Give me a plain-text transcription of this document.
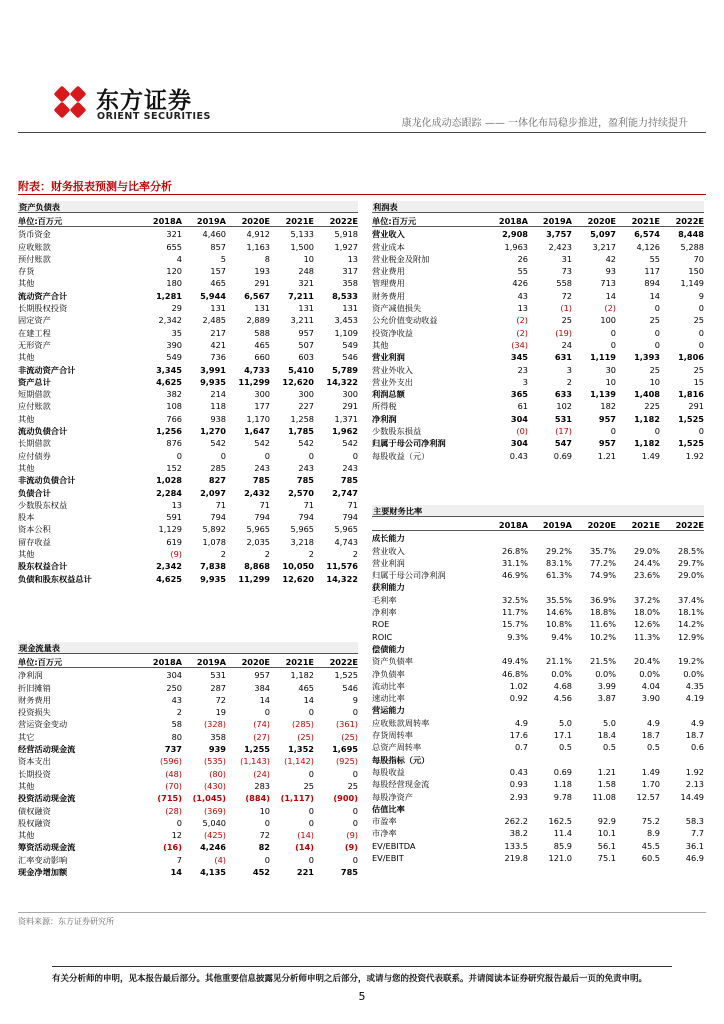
东方证券
ORIENT SECURITIES
康龙化成动态跟踪 —— 一体化布局稳步推进，盈利能力持续提升
附表：财务报表预测与比率分析
资产负债表
单位:百万元	2018A	2019A	2020E	2021E	2022E
货币资金	321	4,460	4,912	5,133	5,918
应收账款	655	857	1,163	1,500	1,927
预付账款	4	5	8	10	13
存货	120	157	193	248	317
其他	180	465	291	321	358
流动资产合计	1,281	5,944	6,567	7,211	8,533
长期股权投资	29	131	131	131	131
固定资产	2,342	2,485	2,889	3,211	3,453
在建工程	35	217	588	957	1,109
无形资产	390	421	465	507	549
其他	549	736	660	603	546
非流动资产合计	3,345	3,991	4,733	5,410	5,789
资产总计	4,625	9,935	11,299	12,620	14,322
短期借款	382	214	300	300	300
应付账款	108	118	177	227	291
其他	766	938	1,170	1,258	1,371
流动负债合计	1,256	1,270	1,647	1,785	1,962
长期借款	876	542	542	542	542
应付债券	0	0	0	0	0
其他	152	285	243	243	243
非流动负债合计	1,028	827	785	785	785
负债合计	2,284	2,097	2,432	2,570	2,747
少数股东权益	13	71	71	71	71
股本	591	794	794	794	794
资本公积	1,129	5,892	5,965	5,965	5,965
留存收益	619	1,078	2,035	3,218	4,743
其他	(9)	2	2	2	2
股东权益合计	2,342	7,838	8,868	10,050	11,576
负债和股东权益总计	4,625	9,935	11,299	12,620	14,322
现金流量表
单位:百万元	2018A	2019A	2020E	2021E	2022E
净利润	304	531	957	1,182	1,525
折旧摊销	250	287	384	465	546
财务费用	43	72	14	14	9
投资损失	2	19	0	0	0
营运资金变动	58	(328)	(74)	(285)	(361)
其它	80	358	(27)	(25)	(25)
经营活动现金流	737	939	1,255	1,352	1,695
资本支出	(596)	(535)	(1,143)	(1,142)	(925)
长期投资	(48)	(80)	(24)	0	0
其他	(70)	(430)	283	25	25
投资活动现金流	(715)	(1,045)	(884)	(1,117)	(900)
债权融资	(28)	(369)	10	0	0
股权融资	0	5,040	0	0	0
其他	12	(425)	72	(14)	(9)
筹资活动现金流	(16)	4,246	82	(14)	(9)
汇率变动影响	7	(4)	0	0	0
现金净增加额	14	4,135	452	221	785
利润表
单位:百万元	2018A	2019A	2020E	2021E	2022E
营业收入	2,908	3,757	5,097	6,574	8,448
营业成本	1,963	2,423	3,217	4,126	5,288
营业税金及附加	26	31	42	55	70
营业费用	55	73	93	117	150
管理费用	426	558	713	894	1,149
财务费用	43	72	14	14	9
资产减值损失	13	(1)	(2)	0	0
公允价值变动收益	(2)	25	100	25	25
投资净收益	(2)	(19)	0	0	0
其他	(34)	24	0	0	0
营业利润	345	631	1,119	1,393	1,806
营业外收入	23	3	30	25	25
营业外支出	3	2	10	10	15
利润总额	365	633	1,139	1,408	1,816
所得税	61	102	182	225	291
净利润	304	531	957	1,182	1,525
少数股东损益	(0)	(17)	0	0	0
归属于母公司净利润	304	547	957	1,182	1,525
每股收益（元）	0.43	0.69	1.21	1.49	1.92
主要财务比率
2018A	2019A	2020E	2021E	2022E
成长能力
营业收入	26.8%	29.2%	35.7%	29.0%	28.5%
营业利润	31.1%	83.1%	77.2%	24.4%	29.7%
归属于母公司净利润	46.9%	61.3%	74.9%	23.6%	29.0%
获利能力
毛利率	32.5%	35.5%	36.9%	37.2%	37.4%
净利率	11.7%	14.6%	18.8%	18.0%	18.1%
ROE	15.7%	10.8%	11.6%	12.6%	14.2%
ROIC	9.3%	9.4%	10.2%	11.3%	12.9%
偿债能力
资产负债率	49.4%	21.1%	21.5%	20.4%	19.2%
净负债率	46.8%	0.0%	0.0%	0.0%	0.0%
流动比率	1.02	4.68	3.99	4.04	4.35
速动比率	0.92	4.56	3.87	3.90	4.19
营运能力
应收账款周转率	4.9	5.0	5.0	4.9	4.9
存货周转率	17.6	17.1	18.4	18.7	18.7
总资产周转率	0.7	0.5	0.5	0.5	0.6
每股指标（元）
每股收益	0.43	0.69	1.21	1.49	1.92
每股经营现金流	0.93	1.18	1.58	1.70	2.13
每股净资产	2.93	9.78	11.08	12.57	14.49
估值比率
市盈率	262.2	162.5	92.9	75.2	58.3
市净率	38.2	11.4	10.1	8.9	7.7
EV/EBITDA	133.5	85.9	56.1	45.5	36.1
EV/EBIT	219.8	121.0	75.1	60.5	46.9
资料来源：东方证券研究所
有关分析师的申明，见本报告最后部分。其他重要信息披露见分析师申明之后部分，或请与您的投资代表联系。并请阅读本证券研究报告最后一页的免责申明。
5
